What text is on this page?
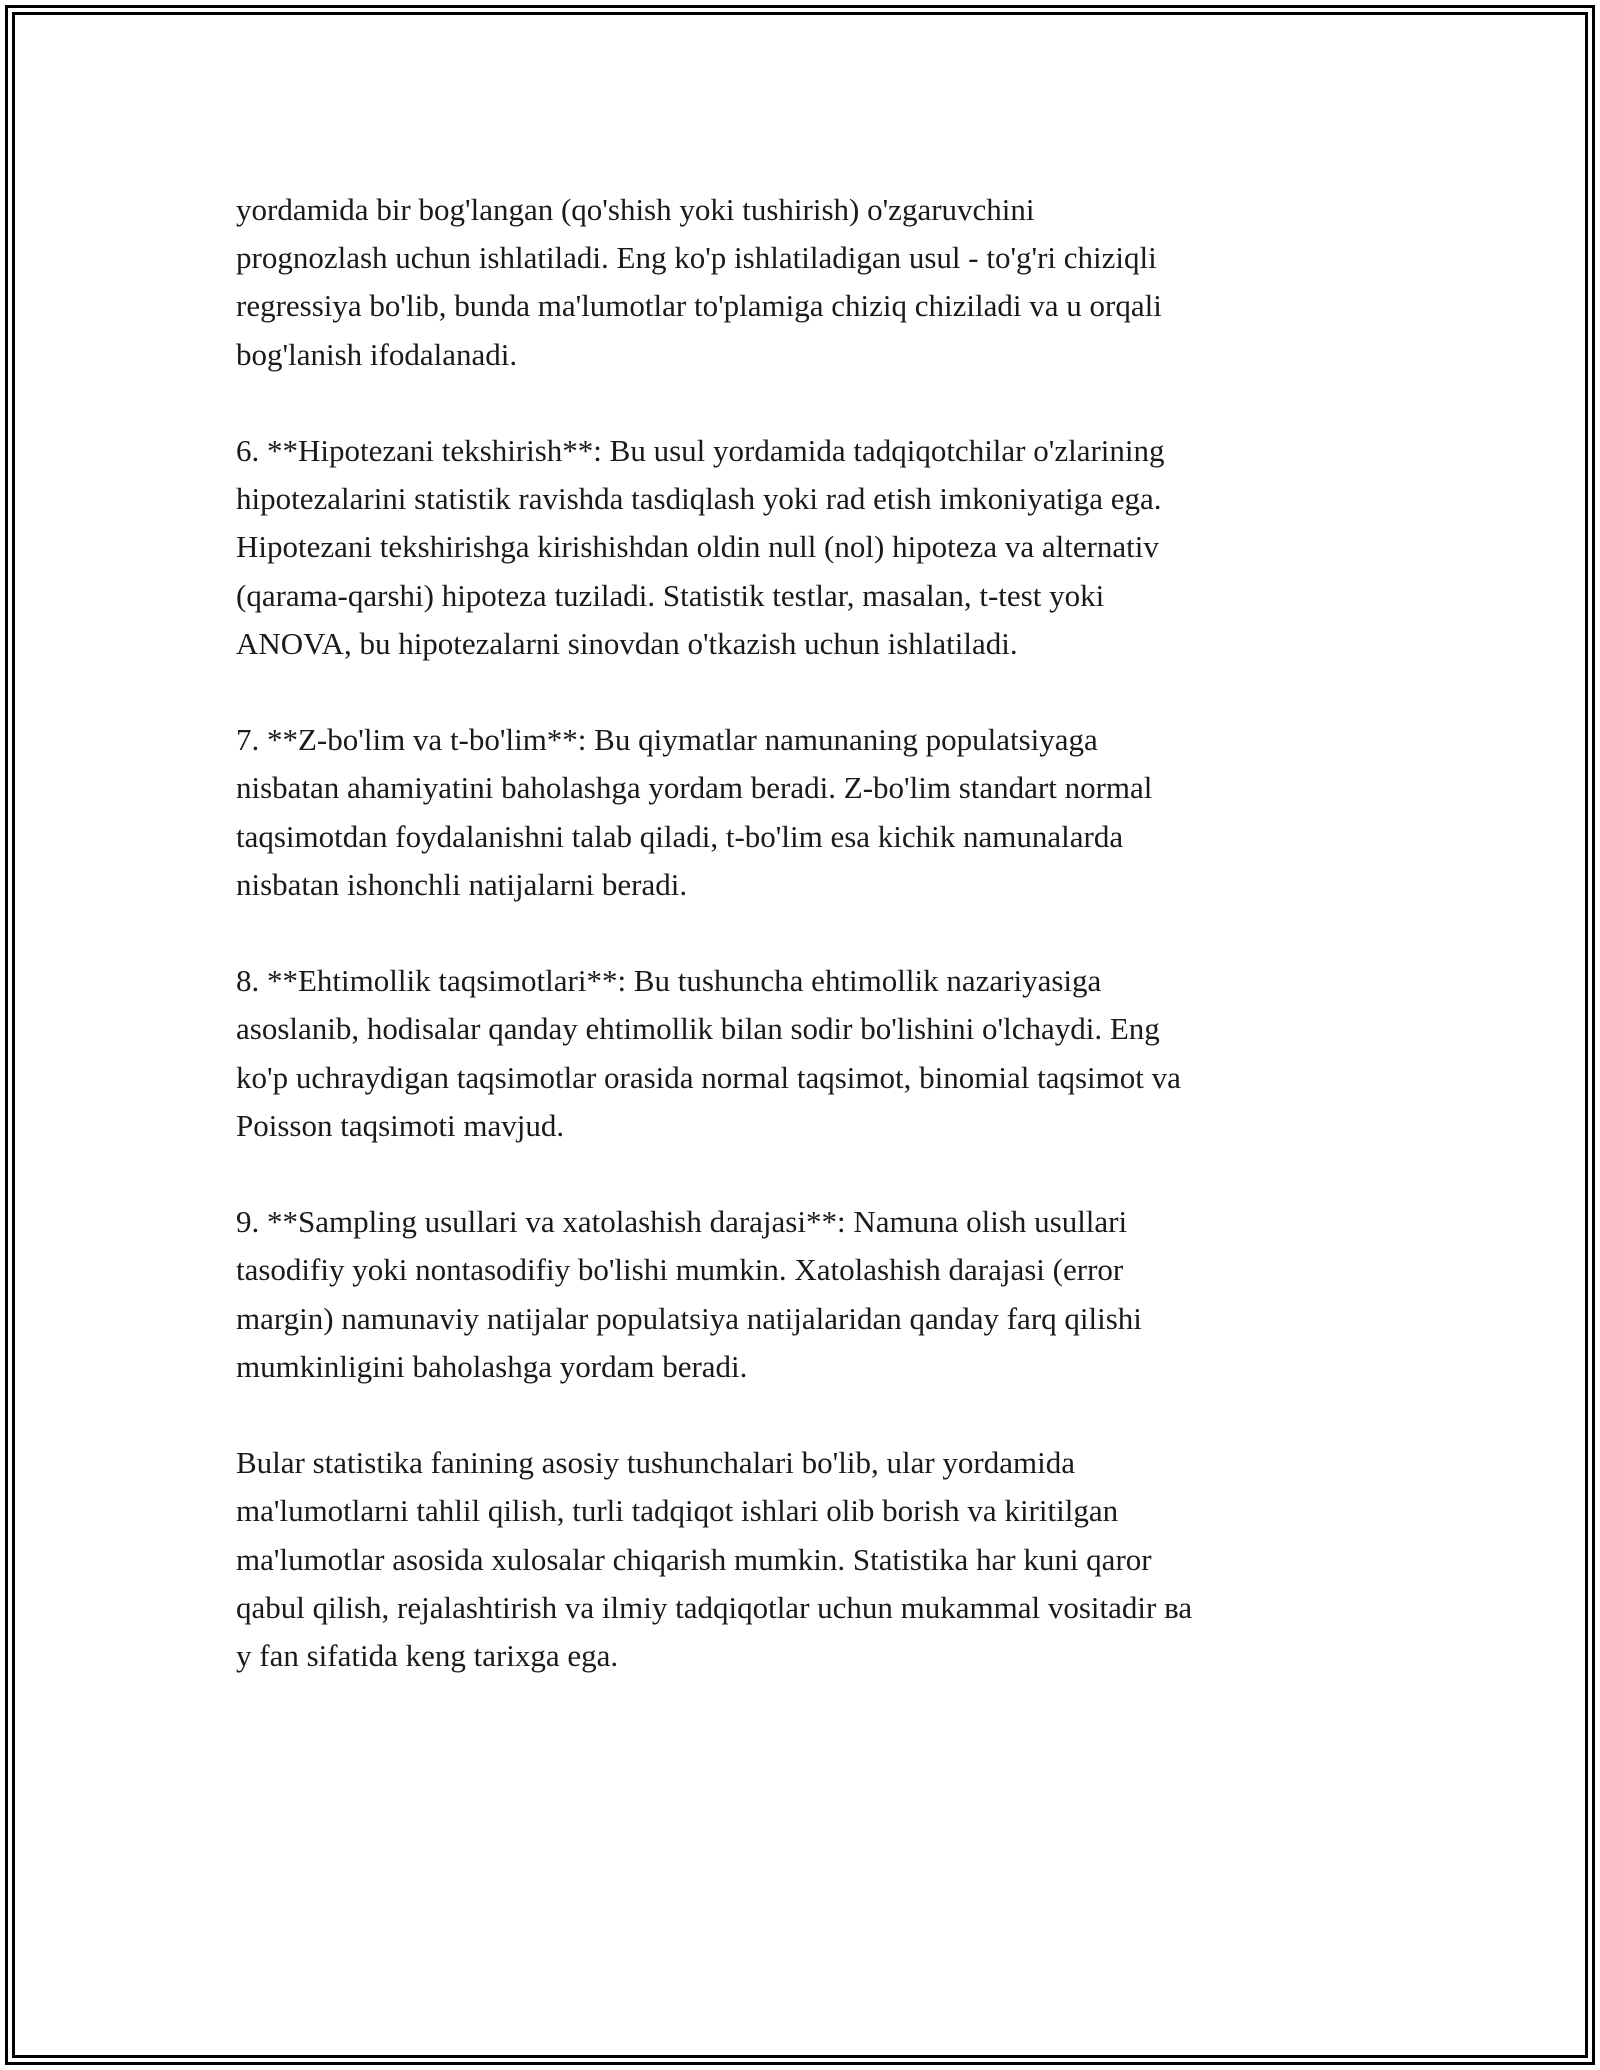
yordamida bir bog'langan (qo'shish yoki tushirish) o'zgaruvchini
prognozlash uchun ishlatiladi. Eng ko'p ishlatiladigan usul - to'g'ri chiziqli
regressiya bo'lib, bunda ma'lumotlar to'plamiga chiziq chiziladi va u orqali
bog'lanish ifodalanadi.

6. **Hipotezani tekshirish**: Bu usul yordamida tadqiqotchilar o'zlarining
hipotezalarini statistik ravishda tasdiqlash yoki rad etish imkoniyatiga ega.
Hipotezani tekshirishga kirishishdan oldin null (nol) hipoteza va alternativ
(qarama-qarshi) hipoteza tuziladi. Statistik testlar, masalan, t-test yoki
ANOVA, bu hipotezalarni sinovdan o'tkazish uchun ishlatiladi.

7. **Z-bo'lim va t-bo'lim**: Bu qiymatlar namunaning populatsiyaga
nisbatan ahamiyatini baholashga yordam beradi. Z-bo'lim standart normal
taqsimotdan foydalanishni talab qiladi, t-bo'lim esa kichik namunalarda
nisbatan ishonchli natijalarni beradi.

8. **Ehtimollik taqsimotlari**: Bu tushuncha ehtimollik nazariyasiga
asoslanib, hodisalar qanday ehtimollik bilan sodir bo'lishini o'lchaydi. Eng
ko'p uchraydigan taqsimotlar orasida normal taqsimot, binomial taqsimot va
Poisson taqsimoti mavjud.

9. **Sampling usullari va xatolashish darajasi**: Namuna olish usullari
tasodifiy yoki nontasodifiy bo'lishi mumkin. Xatolashish darajasi (error
margin) namunaviy natijalar populatsiya natijalaridan qanday farq qilishi
mumkinligini baholashga yordam beradi.

Bular statistika fanining asosiy tushunchalari bo'lib, ular yordamida
ma'lumotlarni tahlil qilish, turli tadqiqot ishlari olib borish va kiritilgan
ma'lumotlar asosida xulosalar chiqarish mumkin. Statistika har kuni qaror
qabul qilish, rejalashtirish va ilmiy tadqiqotlar uchun mukammal vositadir ва
y fan sifatida keng tarixga ega.
